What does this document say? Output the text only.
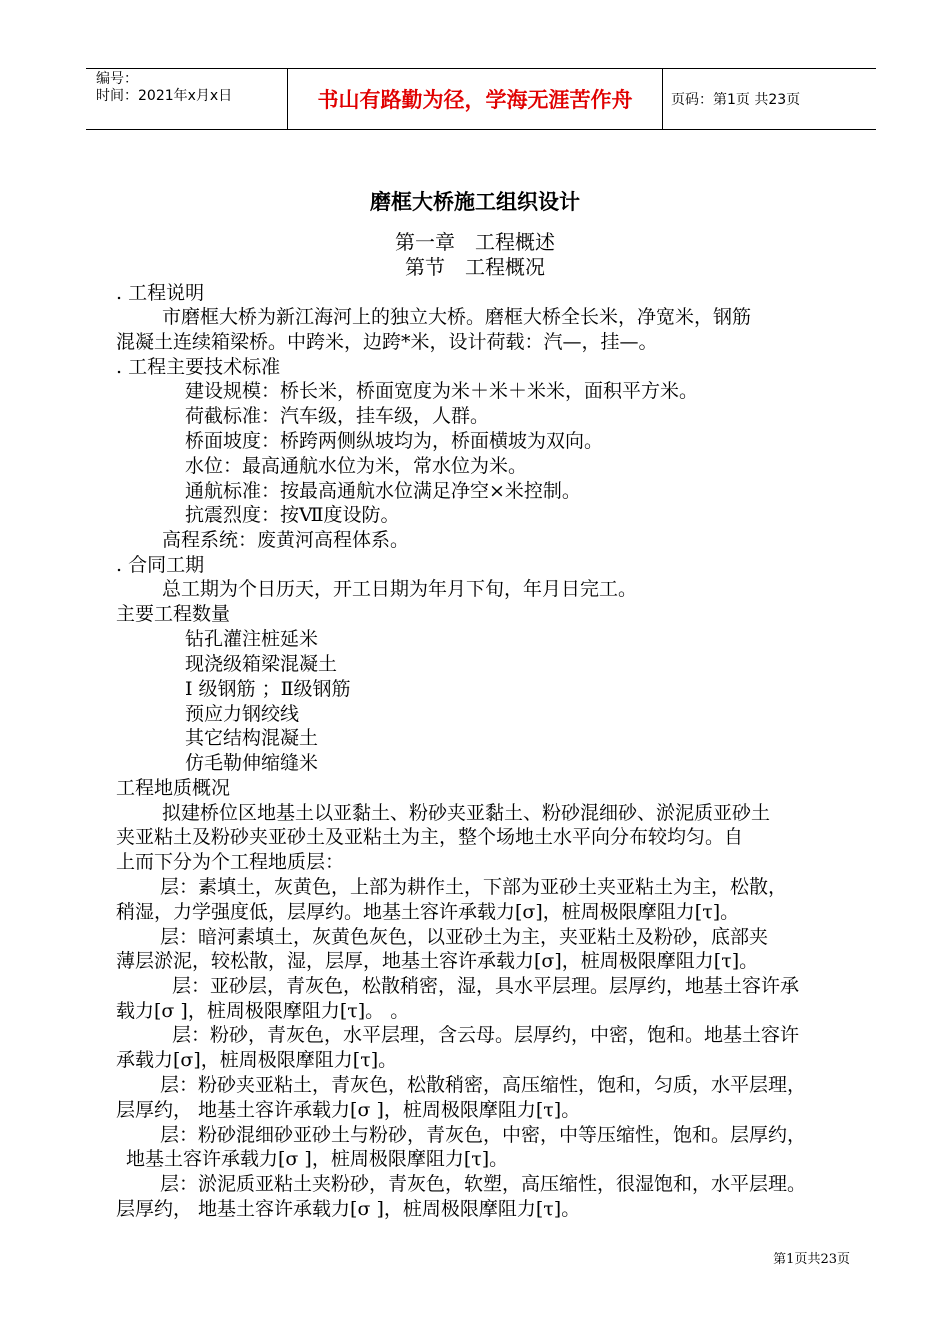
编号：
时间：2021年x月x日	书山有路勤为径，学海无涯苦作舟	页码：第1页 共23页
磨框大桥施工组织设计
第一章　工程概述
第节　工程概况
. 工程说明
市磨框大桥为新江海河上的独立大桥。磨框大桥全长米，净宽米，钢筋
混凝土连续箱梁桥。中跨米，边跨*米，设计荷载：汽—，挂—。
. 工程主要技术标准
建设规模：桥长米，桥面宽度为米＋米＋米米，面积平方米。
荷截标准：汽车级，挂车级，人群。
桥面坡度：桥跨两侧纵坡均为，桥面横坡为双向。
水位：最高通航水位为米，常水位为米。
通航标准：按最高通航水位满足净空×米控制。
抗震烈度：按Ⅶ度设防。
高程系统：废黄河高程体系。
. 合同工期
总工期为个日历天，开工日期为年月下旬，年月日完工。
主要工程数量
钻孔灌注桩延米
现浇级箱梁混凝土
Ⅰ 级钢筋 ；Ⅱ级钢筋
预应力钢绞线
其它结构混凝土
仿毛勒伸缩缝米
工程地质概况
拟建桥位区地基土以亚黏土、粉砂夹亚黏土、粉砂混细砂、淤泥质亚砂土
夹亚粘土及粉砂夹亚砂土及亚粘土为主，整个场地土水平向分布较均匀。自
上而下分为个工程地质层：
层：素填土，灰黄色，上部为耕作土，下部为亚砂土夹亚粘土为主，松散，
稍湿，力学强度低，层厚约。地基土容许承载力[σ]，桩周极限摩阻力[τ]。
层：暗河素填土，灰黄色灰色，以亚砂土为主，夹亚粘土及粉砂，底部夹
薄层淤泥，较松散，湿，层厚，地基土容许承载力[σ]，桩周极限摩阻力[τ]。
层：亚砂层，青灰色，松散稍密，湿，具水平层理。层厚约，地基土容许承
载力[σ ]，桩周极限摩阻力[τ]。 。
层：粉砂，青灰色，水平层理，含云母。层厚约，中密，饱和。地基土容许
承载力[σ]，桩周极限摩阻力[τ]。
层：粉砂夹亚粘土，青灰色，松散稍密，高压缩性，饱和，匀质，水平层理，
层厚约， 地基土容许承载力[σ ]，桩周极限摩阻力[τ]。
层：粉砂混细砂亚砂土与粉砂，青灰色，中密，中等压缩性，饱和。层厚约，
地基土容许承载力[σ ]，桩周极限摩阻力[τ]。
层：淤泥质亚粘土夹粉砂，青灰色，软塑，高压缩性，很湿饱和，水平层理。
层厚约， 地基土容许承载力[σ ]，桩周极限摩阻力[τ]。
第1页共23页
